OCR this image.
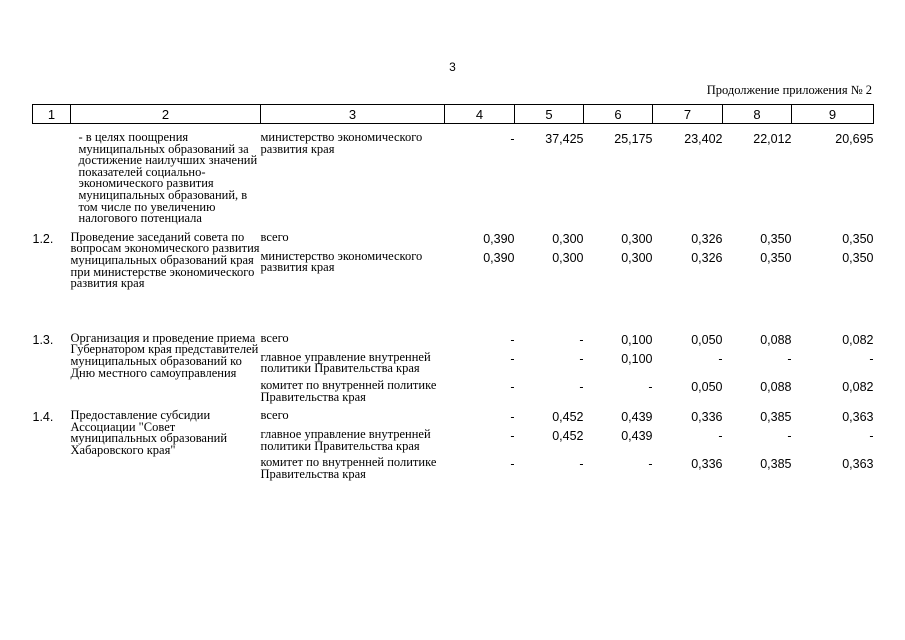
3
Продолжение приложения № 2
1	2	3	4	5	6	7	8	9
	- в целях поощрения муниципальных образований за достижение наилучших значений показателей социально-экономического развития муниципальных образований, в том числе по увеличению налогового потенциала	министерство экономического развития края	-	37,425	25,175	23,402	22,012	20,695
1.2.	Проведение заседаний совета по вопросам экономического развития муниципальных образований края при министерстве экономического развития края	всего	0,390	0,300	0,300	0,326	0,350	0,350
		министерство экономического развития края	0,390	0,300	0,300	0,326	0,350	0,350
1.3.	Организация и проведение приема Губернатором края представителей муниципальных образований ко Дню местного самоуправления	всего	-	-	0,100	0,050	0,088	0,082
		главное управление внутренней политики Правительства края	-	-	0,100	-	-	-
		комитет по внутренней политике Правительства края	-	-	-	0,050	0,088	0,082
1.4.	Предоставление субсидии Ассоциации "Совет муниципальных образований Хабаровского края"	всего	-	0,452	0,439	0,336	0,385	0,363
		главное управление внутренней политики Правительства края	-	0,452	0,439	-	-	-
		комитет по внутренней политике Правительства края	-	-	-	0,336	0,385	0,363
